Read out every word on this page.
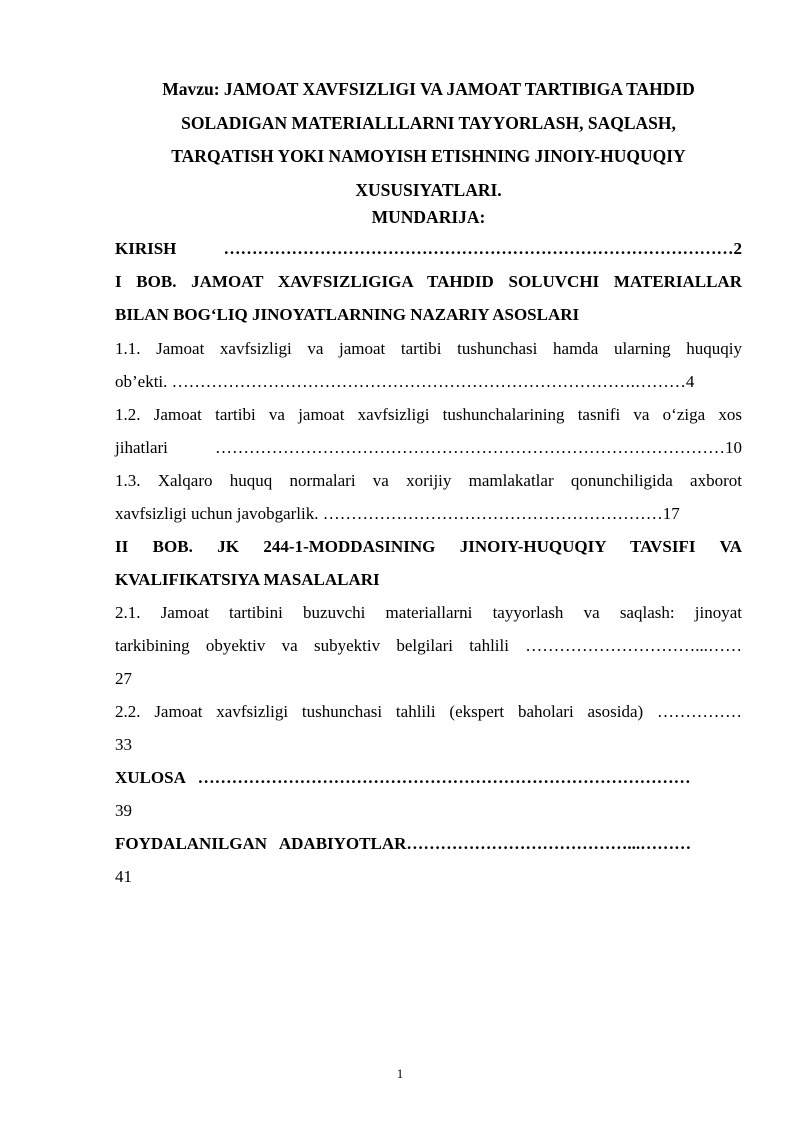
Mavzu: JAMOAT XAVFSIZLIGI VA JAMOAT TARTIBIGA TAHDID
SOLADIGAN MATERIALLLARNI TAYYORLASH, SAQLASH,
TARQATISH YOKI NAMOYISH ETISHNING JINOIY-HUQUQIY
XUSUSIYATLARI.
MUNDARIJA:
KIRISH ………………………………………………………………………………2
I BOB. JAMOAT XAVFSIZLIGIGA TAHDID SOLUVCHI MATERIALLAR
BILAN BOG‘LIQ JINOYATLARNING NAZARIY ASOSLARI
1.1. Jamoat xavfsizligi va jamoat tartibi tushunchasi hamda ularning huquqiy
ob’ekti. ……………………………………………………………………….………4
1.2. Jamoat tartibi va jamoat xavfsizligi tushunchalarining tasnifi va o‘ziga xos
jihatlari ………………………………………………………………………………10
1.3. Xalqaro huquq normalari va xorijiy mamlakatlar qonunchiligida axborot
xavfsizligi uchun javobgarlik. ……………………………………………………17
II BOB. JK 244-1-MODDASINING JINOIY-HUQUQIY TAVSIFI VA
KVALIFIKATSIYA MASALALARI
2.1. Jamoat tartibini buzuvchi materiallarni tayyorlash va saqlash: jinoyat
tarkibining obyektiv va subyektiv belgilari tahlili …………………………...……
27
2.2. Jamoat xavfsizligi tushunchasi tahlili (ekspert baholari asosida) ……………
33
XULOSA   ……………………………………………………………………………
39
FOYDALANILGAN   ADABIYOTLAR…………………………………...………
41
1
